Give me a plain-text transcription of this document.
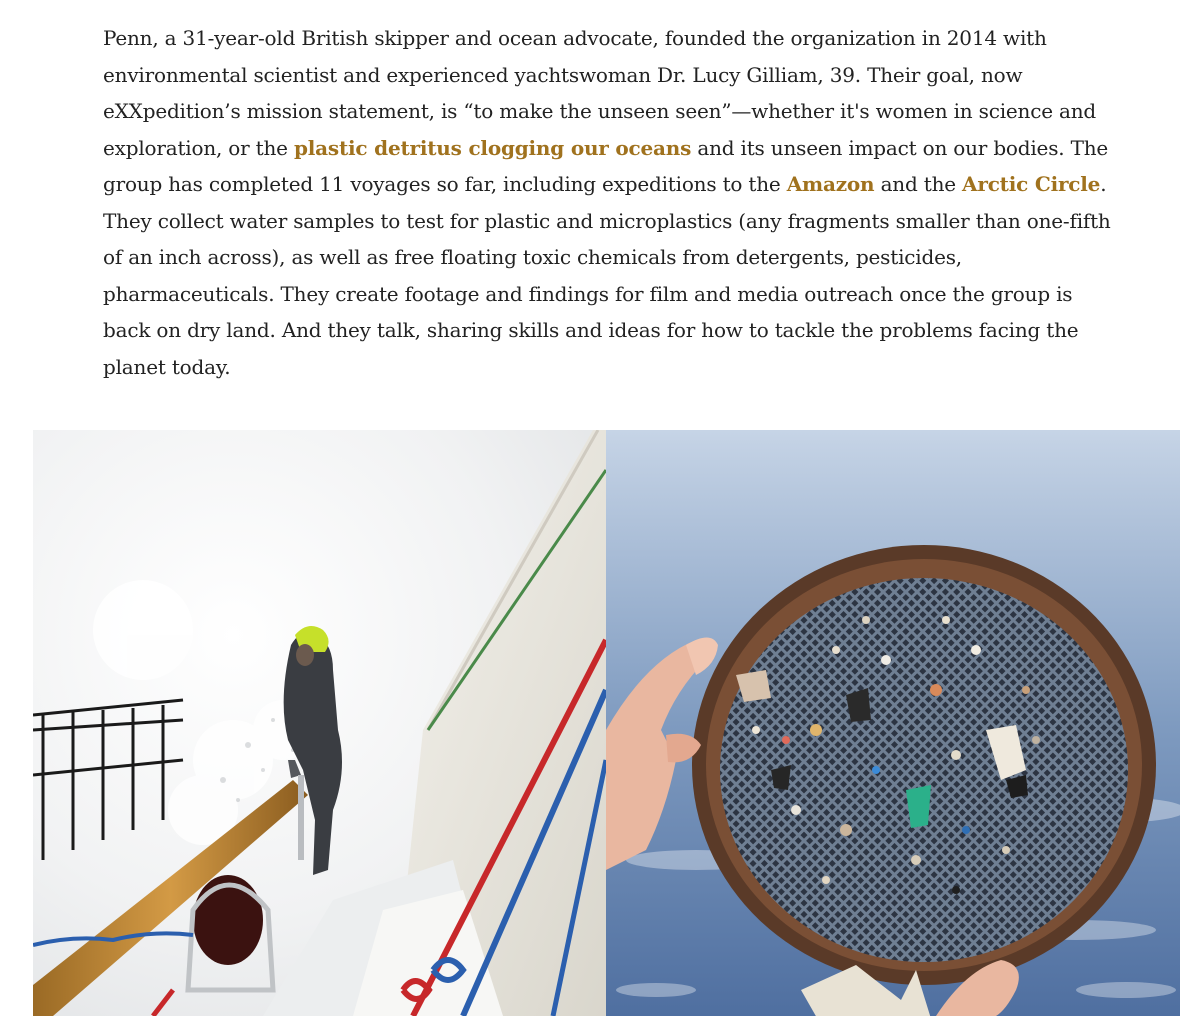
Penn, a 31-year-old British skipper and ocean advocate, founded the organization in 2014 with environmental scientist and experienced yachtswoman Dr. Lucy Gilliam, 39. Their goal, now eXXpedition’s mission statement, is “to make the unseen seen”—whether it's women in science and exploration, or the plastic detritus clogging our oceans and its unseen impact on our bodies. The group has completed 11 voyages so far, including expeditions to the Amazon and the Arctic Circle. They collect water samples to test for plastic and microplastics (any fragments smaller than one-fifth of an inch across), as well as free floating toxic chemicals from detergents, pesticides, pharmaceuticals. They create footage and findings for film and media outreach once the group is back on dry land. And they talk, sharing skills and ideas for how to tackle the problems facing the planet today.
